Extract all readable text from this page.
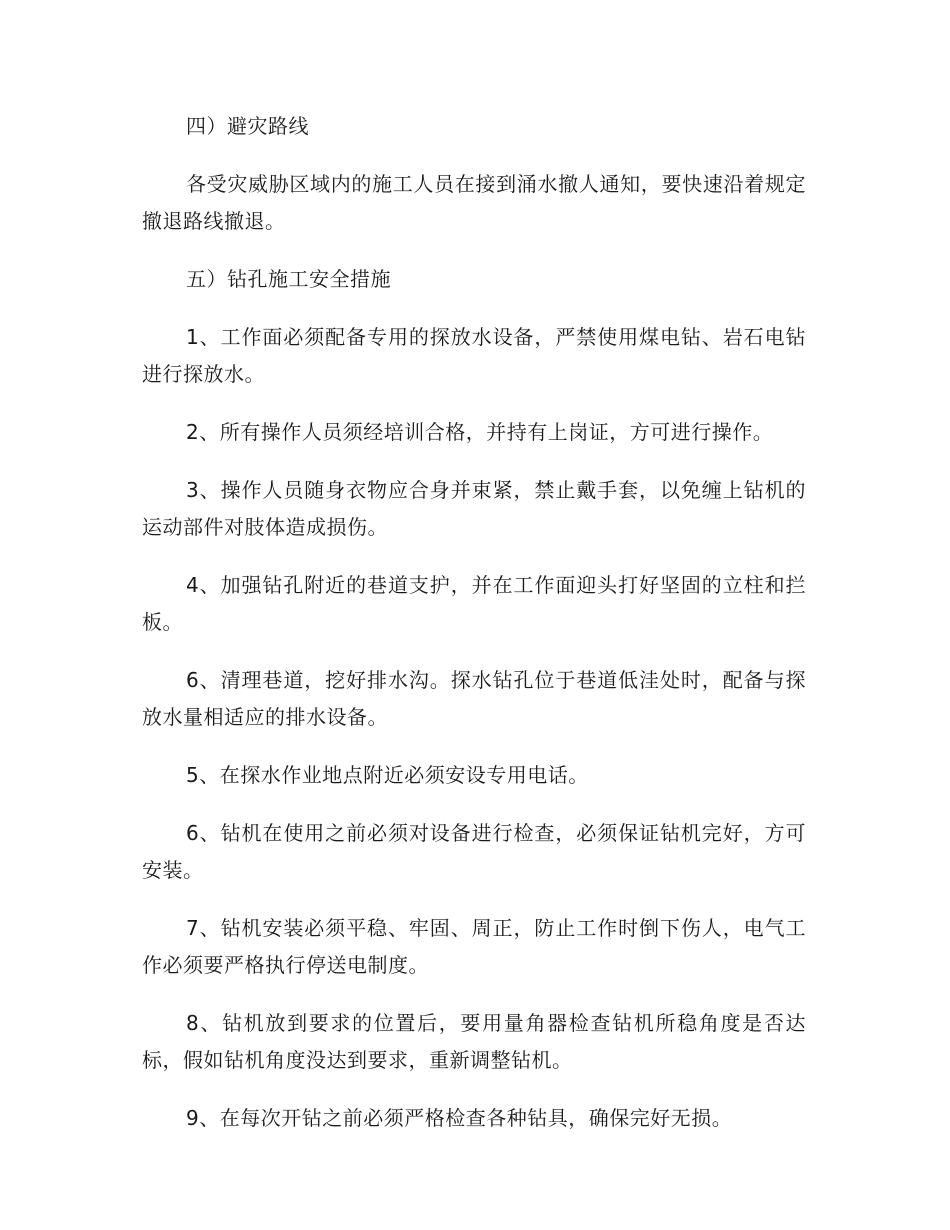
四）避灾路线

各受灾威胁区域内的施工人员在接到涌水撤人通知，要快速沿着规定撤退路线撤退。

五）钻孔施工安全措施

1、工作面必须配备专用的探放水设备，严禁使用煤电钻、岩石电钻进行探放水。

2、所有操作人员须经培训合格，并持有上岗证，方可进行操作。

3、操作人员随身衣物应合身并束紧，禁止戴手套，以免缠上钻机的运动部件对肢体造成损伤。

4、加强钻孔附近的巷道支护，并在工作面迎头打好坚固的立柱和拦板。

6、清理巷道，挖好排水沟。探水钻孔位于巷道低洼处时，配备与探放水量相适应的排水设备。

5、在探水作业地点附近必须安设专用电话。

6、钻机在使用之前必须对设备进行检查，必须保证钻机完好，方可安装。

7、钻机安装必须平稳、牢固、周正，防止工作时倒下伤人，电气工作必须要严格执行停送电制度。

8、钻机放到要求的位置后，要用量角器检查钻机所稳角度是否达标，假如钻机角度没达到要求，重新调整钻机。

9、在每次开钻之前必须严格检查各种钻具，确保完好无损。
